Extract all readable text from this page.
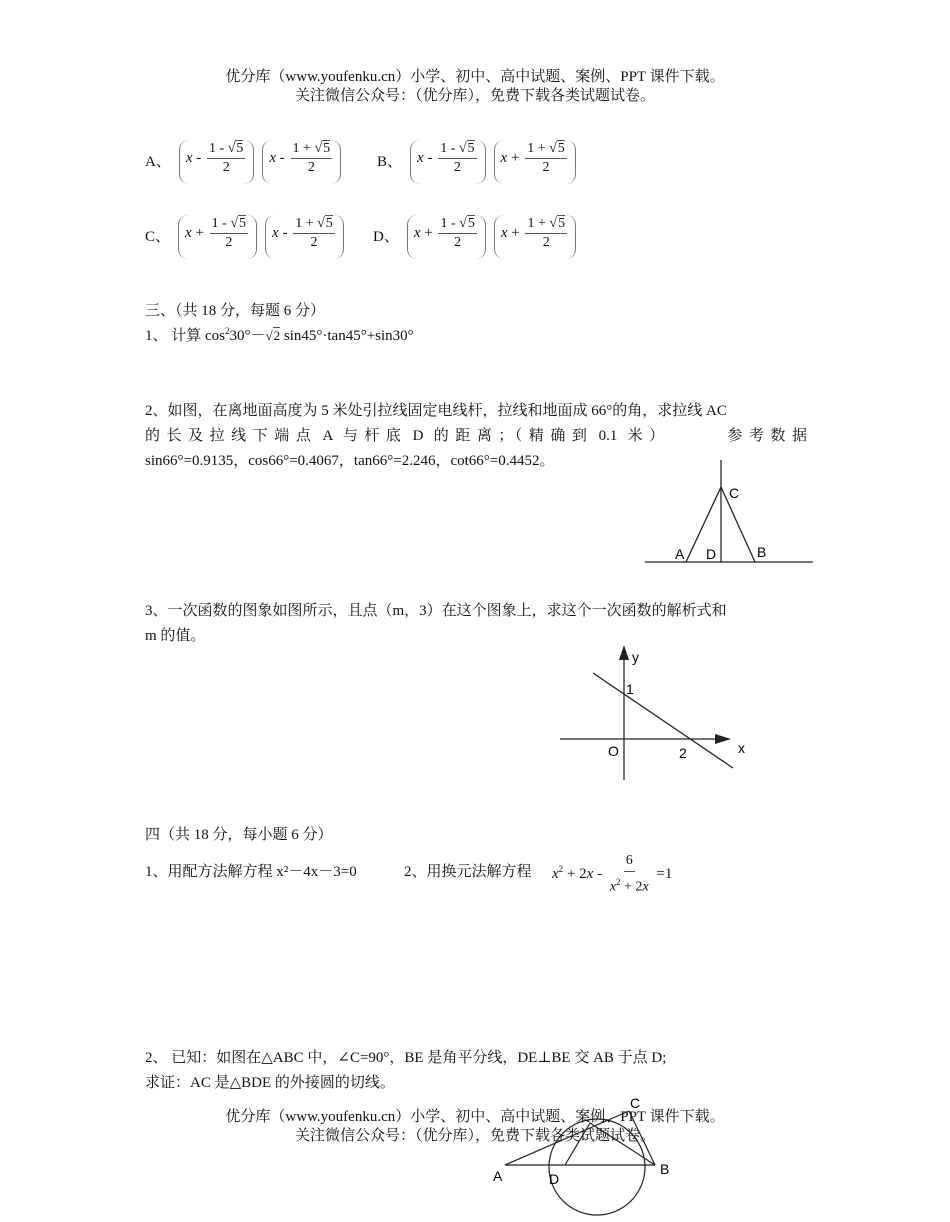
优分库（www.youfenku.cn）小学、初中、高中试题、案例、PPT 课件下载。
关注微信公众号：（优分库），免费下载各类试题试卷。
A、	x - $\frac{1 - √5}{2}$	x - $\frac{1 + √5}{2}$	B、	x - $\frac{1 - √5}{2}$	$x + \frac{1 + √5}{2}$
C、	$x + \frac{1 - √5}{2}$	x - $\frac{1 + √5}{2}$	D、	$x + \frac{1 - √5}{2}$	$x + \frac{1 + √5}{2}$
三、（共 18 分，每题 6 分）
1、 计算 $\cos^230^\circ-√2$ sin45°·tan45°+sin30°
2、如图，在离地面高度为 5 米处引拉线固定电线杆，拉线和地面成 66°的角，求拉线 AC
的 长 及 拉 线 下 端 点  A  与 杆 底  D  的 距 离 ；（ 精 确 到  0.1  米 ）            参 考 数 据
sin66°=0.9135，cos66°=0.4067，tan66°=2.246，cot66°=0.4452。
C
A D	B
3、一次函数的图象如图所示，且点（m，3）在这个图象上，求这个一次函数的解析式和
m 的值。
y
x
O
1
2
四（共 18 分，每小题 6 分）
1、用配方法解方程 x²－4x－3=0	2、用换元法解方程 $x^2 + 2x - \frac{6}{x^2 + 2x} =1$
2、 已知：如图在△ABC 中，∠C=90°，BE 是角平分线，DE⊥BE 交 AB 于点 D;
求证：AC 是△BDE 的外接圆的切线。
C
A	D
B
优分库（www.youfenku.cn）小学、初中、高中试题、案例、PPT 课件下载。
关注微信公众号：（优分库），免费下载各类试题试卷。
